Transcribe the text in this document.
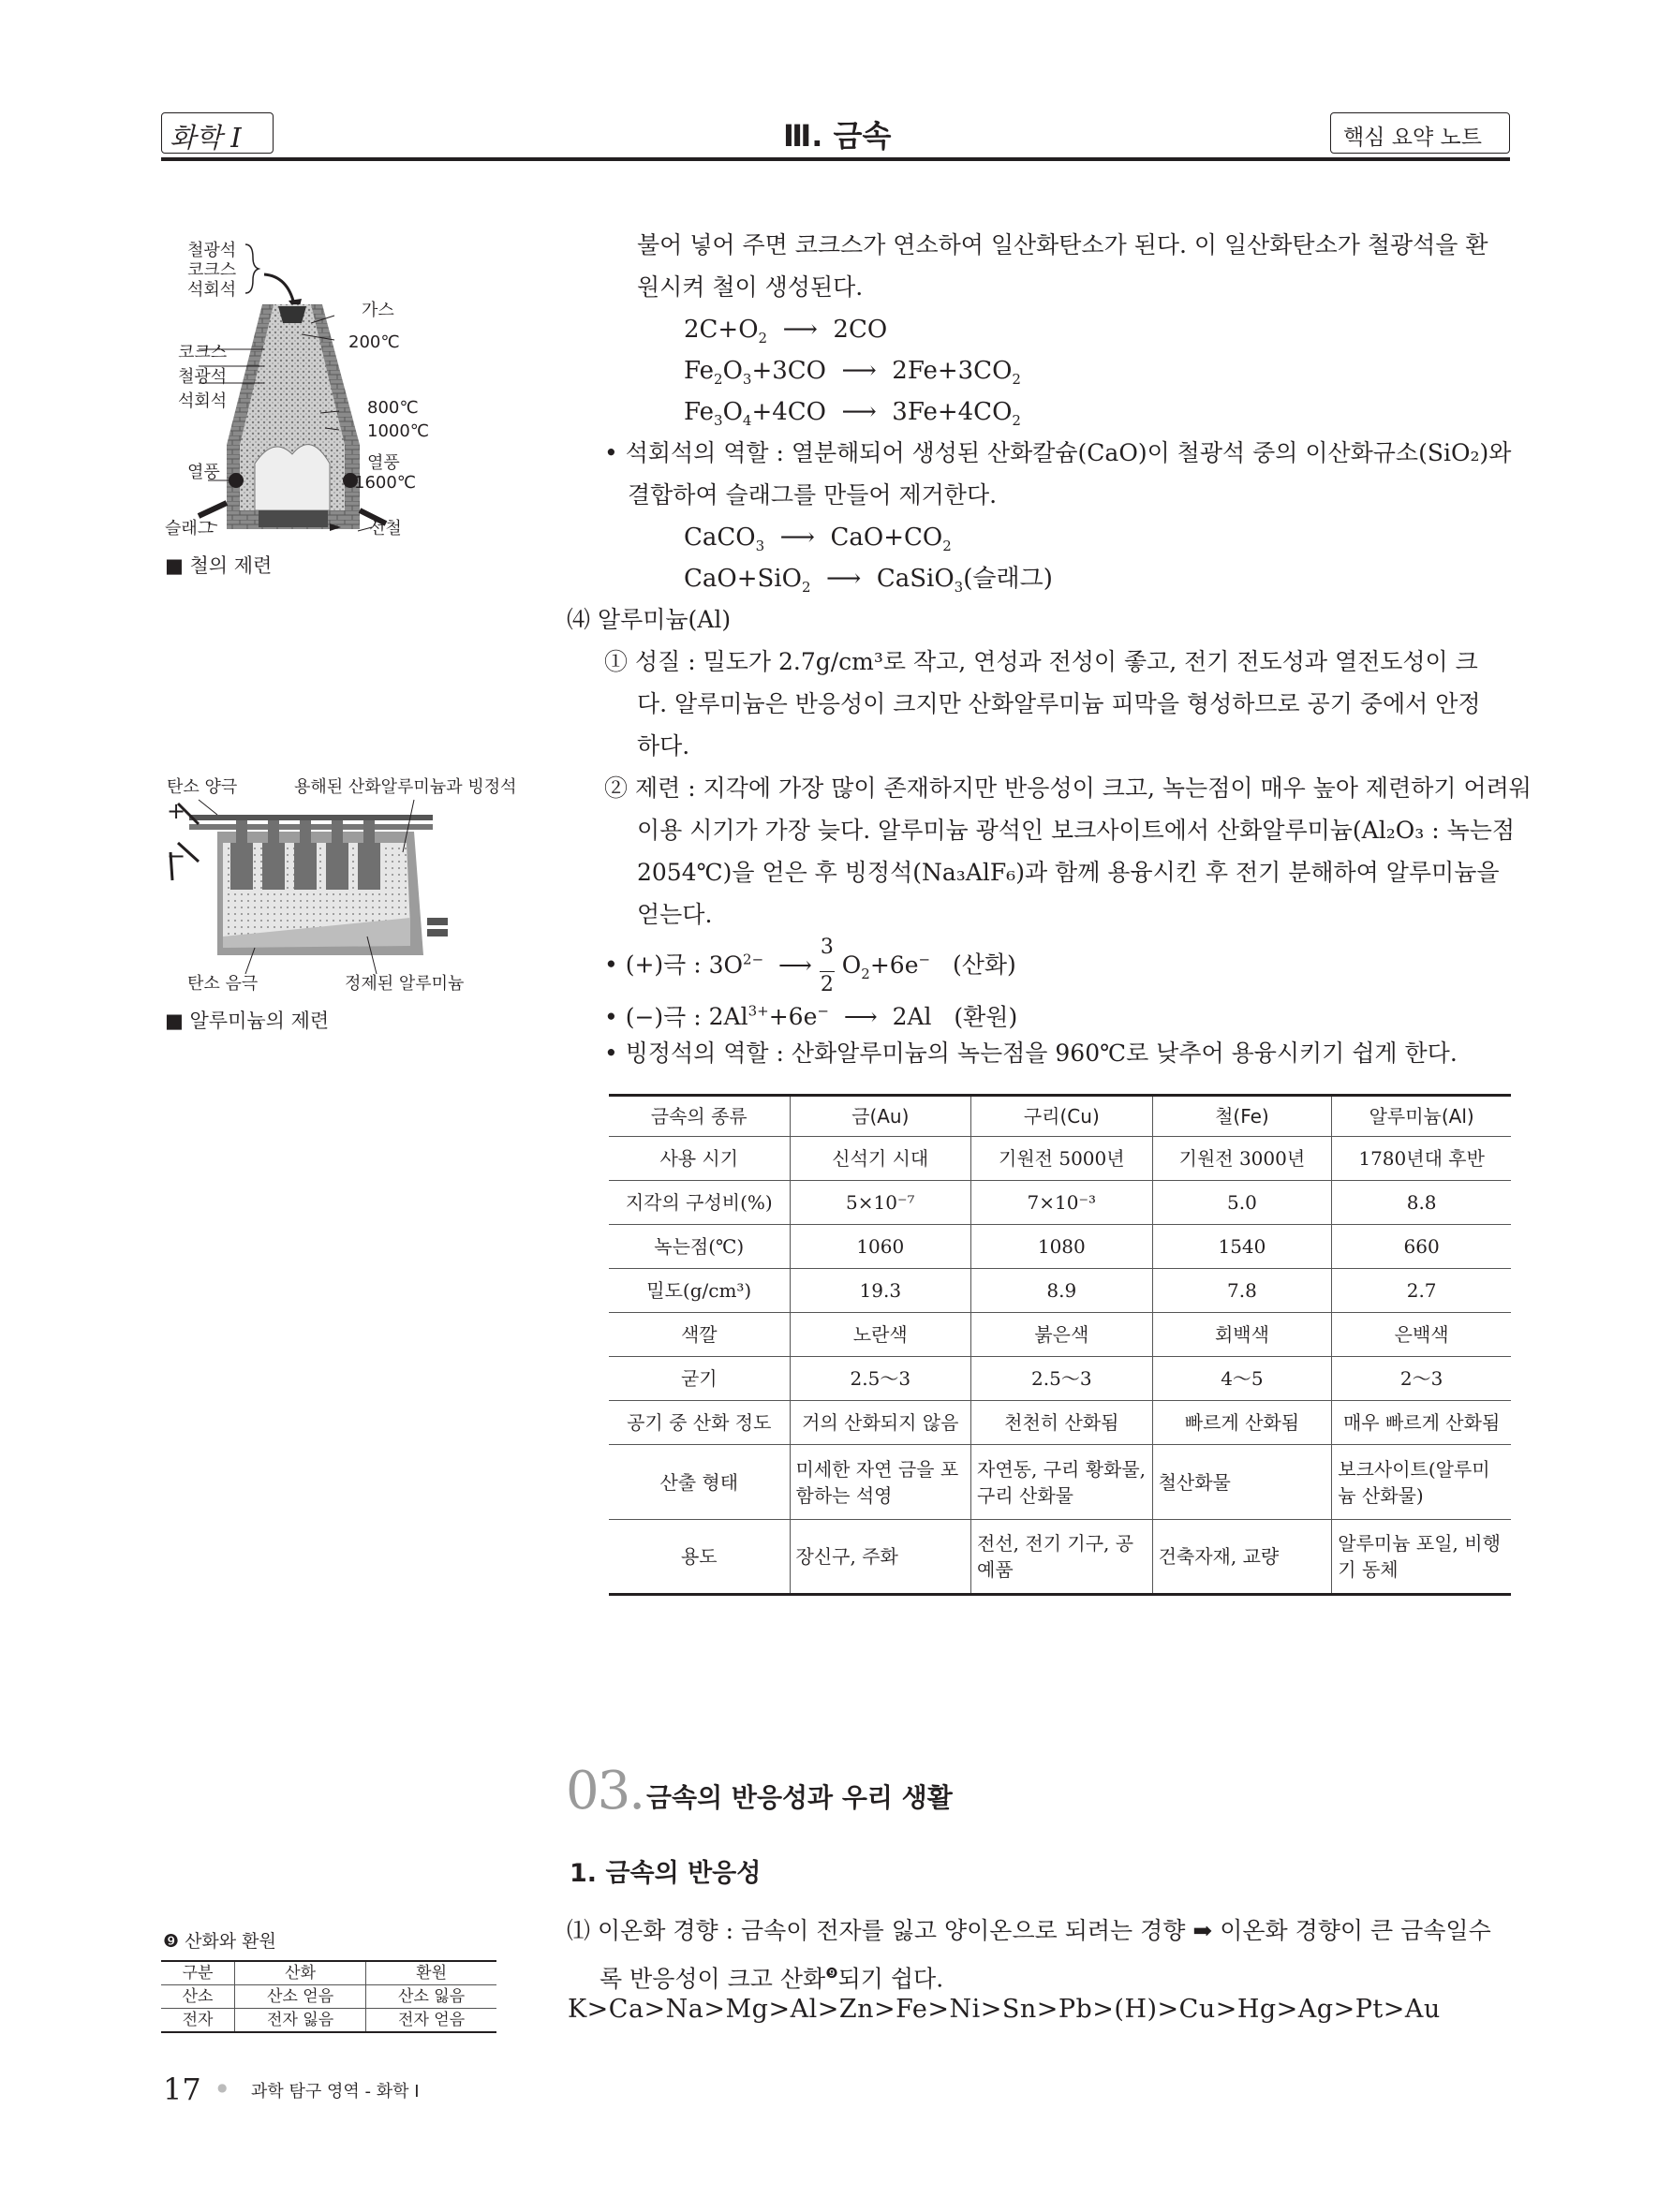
화학 Ⅰ	Ⅲ. 금속	핵심 요약 노트
철광석
코크스
석회석
가스
코크스
철광석
200℃
석회석	800℃
1000℃
열풍	열풍
1600℃
슬래그	선철
■ 철의 제련
탄소 양극	용해된 산화알루미늄과 빙정석
+
−
탄소 음극	정제된 알루미늄
■ 알루미늄의 제련
불어 넣어 주면 코크스가 연소하여 일산화탄소가 된다. 이 일산화탄소가 철광석을 환
원시켜 철이 생성된다.
$2C+O_2$  ⟶  2CO
$Fe_2O_3+3CO$  ⟶  $2Fe+3CO_2$
$Fe_3O_4+4CO$  ⟶  $3Fe+4CO_2$
• 석회석의 역할 : 열분해되어 생성된 산화칼슘(CaO)이 철광석 중의 이산화규소(SiO₂)와
결합하여 슬래그를 만들어 제거한다.
CaCO$_3$  ⟶  $CaO+CO_2$
CaO+SiO$_2$  ⟶  CaSiO$_3$(슬래그)
⑷ 알루미늄(Al)
① 성질 : 밀도가 2.7g/cm³로 작고, 연성과 전성이 좋고, 전기 전도성과 열전도성이 크
다. 알루미늄은 반응성이 크지만 산화알루미늄 피막을 형성하므로 공기 중에서 안정
하다.
② 제련 : 지각에 가장 많이 존재하지만 반응성이 크고, 녹는점이 매우 높아 제련하기 어려워
이용 시기가 가장 늦다. 알루미늄 광석인 보크사이트에서 산화알루미늄(Al₂O₃ : 녹는점
2054℃)을 얻은 후 빙정석(Na₃AlF₆)과 함께 용융시킨 후 전기 분해하여 알루미늄을
얻는다.
• (+)극 : $3O^{2-}$  ⟶ 3

2 $O_2+6e^-$ (산화)
• (−)극 : $2Al^{3+}+6e^-$  ⟶  2Al   (환원)
• 빙정석의 역할 : 산화알루미늄의 녹는점을 960℃로 낮추어 용융시키기 쉽게 한다.
금속의 종류	금(Au)	구리(Cu)	철(Fe)	알루미늄(Al)
사용 시기	신석기 시대	기원전 5000년	기원전 3000년	1780년대 후반
지각의 구성비(%)	5×10⁻⁷	7×10⁻³	5.0	8.8
녹는점(℃)	1060	1080	1540	660
밀도(g/cm³)	19.3	8.9	7.8	2.7
색깔	노란색	붉은색	회백색	은백색
굳기	2.5～3	2.5～3	4～5	2～3
공기 중 산화 정도	거의 산화되지 않음	천천히 산화됨	빠르게 산화됨	매우 빠르게 산화됨
산출 형태	미세한 자연 금을 포함하는 석영	자연동, 구리 황화물, 구리 산화물	철산화물	보크사이트(알루미늄 산화물)
용도	장신구, 주화	전선, 전기 기구, 공예품	건축자재, 교량	알루미늄 포일, 비행기 동체
03. 금속의 반응성과 우리 생활
1. 금속의 반응성
⑴ 이온화 경향 : 금속이 전자를 잃고 양이온으로 되려는 경향 ➡ 이온화 경향이 큰 금속일수
록 반응성이 크고 산화$^❾$되기 쉽다.
K>Ca>Na>Mg>Al>Zn>Fe>Ni>Sn>Pb>(H)>Cu>Hg>Ag>Pt>Au
❾ 산화와 환원
구분	산화	환원
산소	산소 얻음	산소 잃음
전자	전자 잃음	전자 얻음
17 ● 과학 탐구 영역 - 화학 Ⅰ
